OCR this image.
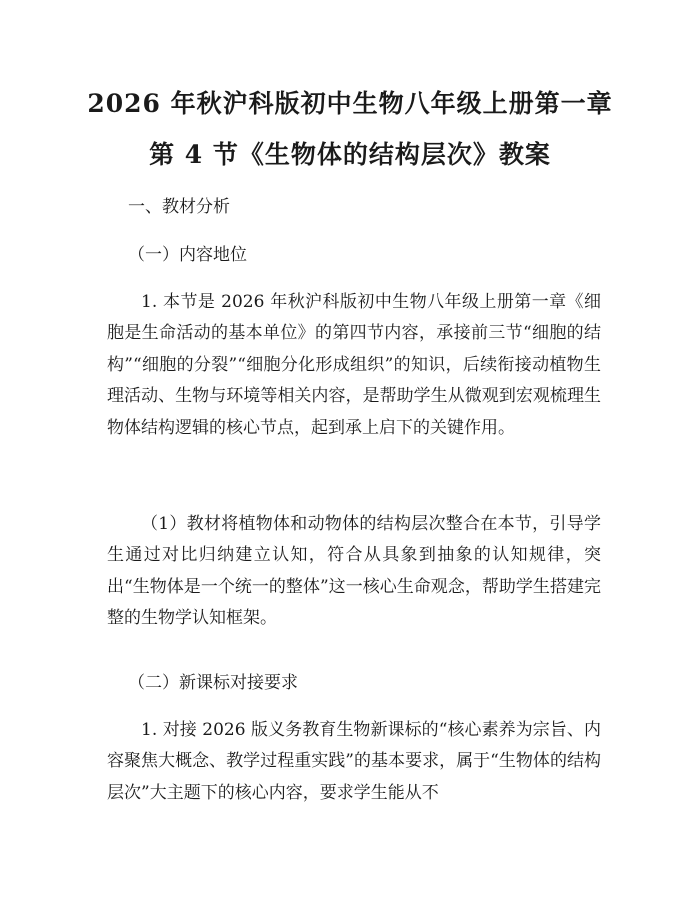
2026 年秋沪科版初中生物八年级上册第一章
第 4 节《生物体的结构层次》教案
一、教材分析
（一）内容地位
1. 本节是 2026 年秋沪科版初中生物八年级上册第一章《细胞是生命活动的基本单位》的第四节内容，承接前三节“细胞的结构”“细胞的分裂”“细胞分化形成组织”的知识，后续衔接动植物生理活动、生物与环境等相关内容，是帮助学生从微观到宏观梳理生物体结构逻辑的核心节点，起到承上启下的关键作用。
（1）教材将植物体和动物体的结构层次整合在本节，引导学生通过对比归纳建立认知，符合从具象到抽象的认知规律，突出“生物体是一个统一的整体”这一核心生命观念，帮助学生搭建完整的生物学认知框架。
（二）新课标对接要求
1. 对接 2026 版义务教育生物新课标的“核心素养为宗旨、内容聚焦大概念、教学过程重实践”的基本要求，属于“生物体的结构层次”大主题下的核心内容，要求学生能从不
